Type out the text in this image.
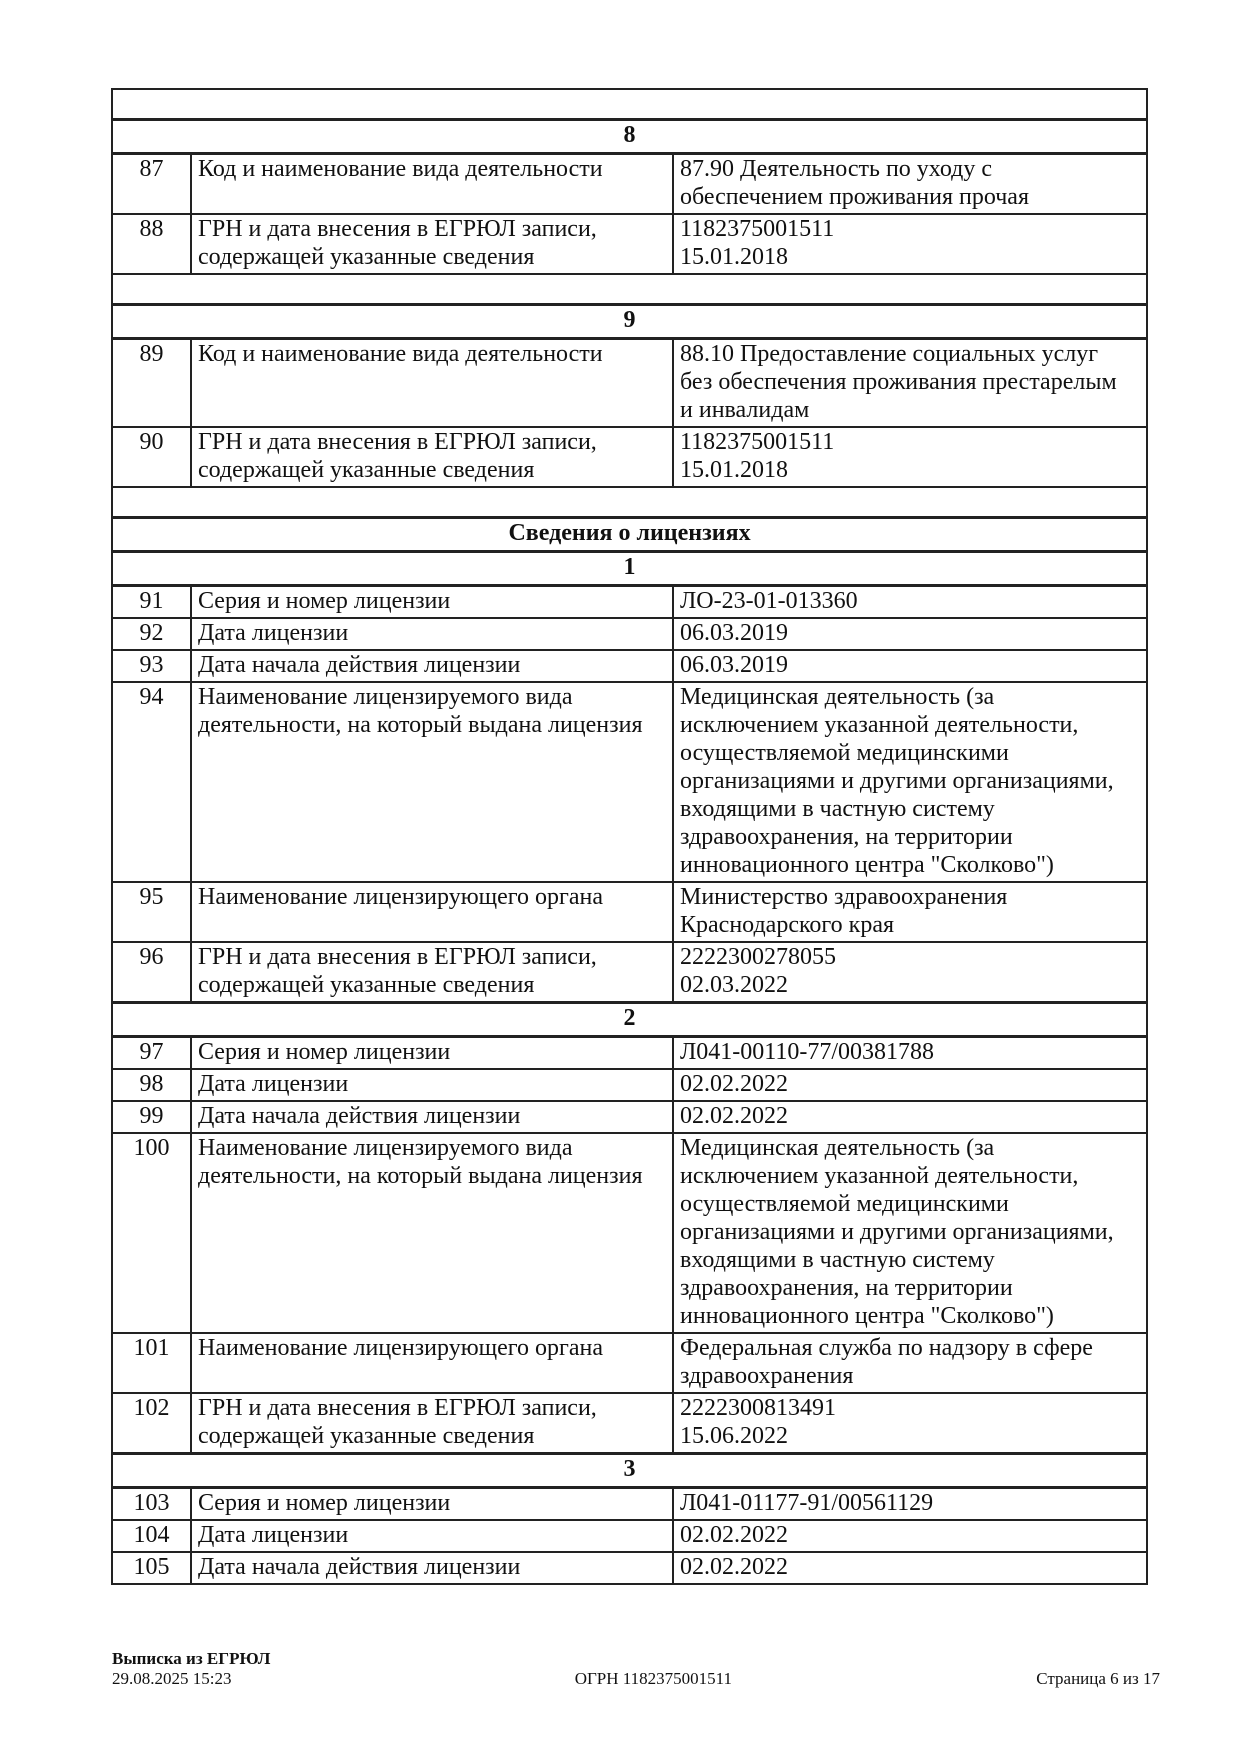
8		
87	Код и наименование вида деятельности	87.90 Деятельность по уходу с обеспечением проживания прочая

88	ГРН и дата внесения в ЕГРЮЛ записи, содержащей указанные сведения	1182375001511
15.01.2018

9		
89	Код и наименование вида деятельности	88.10 Предоставление социальных услуг без обеспечения проживания престарелым и инвалидам

90	ГРН и дата внесения в ЕГРЮЛ записи, содержащей указанные сведения	1182375001511
15.01.2018

Сведения о лицензиях		
1		
91	Серия и номер лицензии	ЛО-23-01-013360

92	Дата лицензии	06.03.2019

93	Дата начала действия лицензии	06.03.2019

94	Наименование лицензируемого вида деятельности, на который выдана лицензия	Медицинская деятельность (за исключением указанной деятельности, осуществляемой медицинскими организациями и другими организациями, входящими в частную систему здравоохранения, на территории инновационного центра "Сколково")

95	Наименование лицензирующего органа	Министерство здравоохранения Краснодарского края

96	ГРН и дата внесения в ЕГРЮЛ записи, содержащей указанные сведения	2222300278055
02.03.2022

2		
97	Серия и номер лицензии	Л041-00110-77/00381788

98	Дата лицензии	02.02.2022

99	Дата начала действия лицензии	02.02.2022

100	Наименование лицензируемого вида деятельности, на который выдана лицензия	Медицинская деятельность (за исключением указанной деятельности, осуществляемой медицинскими организациями и другими организациями, входящими в частную систему здравоохранения, на территории инновационного центра "Сколково")

101	Наименование лицензирующего органа	Федеральная служба по надзору в сфере здравоохранения

102	ГРН и дата внесения в ЕГРЮЛ записи, содержащей указанные сведения	2222300813491
15.06.2022

3		
103	Серия и номер лицензии	Л041-01177-91/00561129

104	Дата лицензии	02.02.2022

105	Дата начала действия лицензии	02.02.2022
Выписка из ЕГРЮЛ
29.08.2025 15:23	ОГРН 1182375001511	Страница 6 из 17
